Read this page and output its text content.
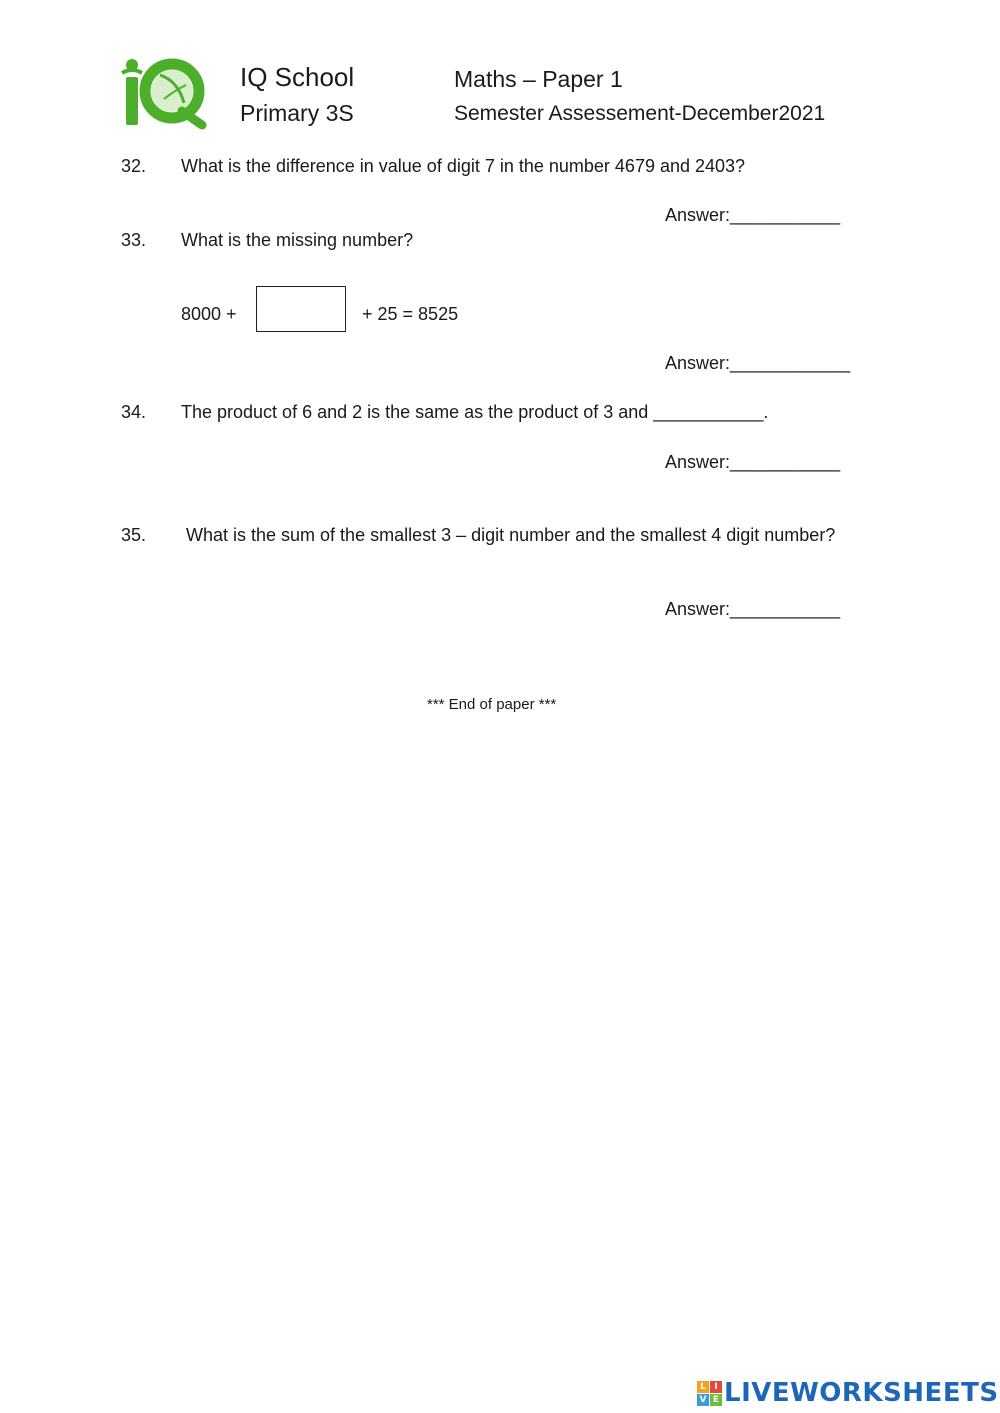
IQ School
Primary 3S
Maths – Paper 1
Semester Assessement-December2021
32. What is the difference in value of digit 7 in the number 4679 and 2403?
Answer:___________
33. What is the missing number?
8000 +	+ 25 = 8525
Answer:____________
34. The product of 6 and 2 is the same as the product of 3 and ___________.
Answer:___________
35. What is the sum of the smallest 3 – digit number and the smallest 4 digit number?
Answer:___________
*** End of paper ***
L I
V E LIVEWORKSHEETS
